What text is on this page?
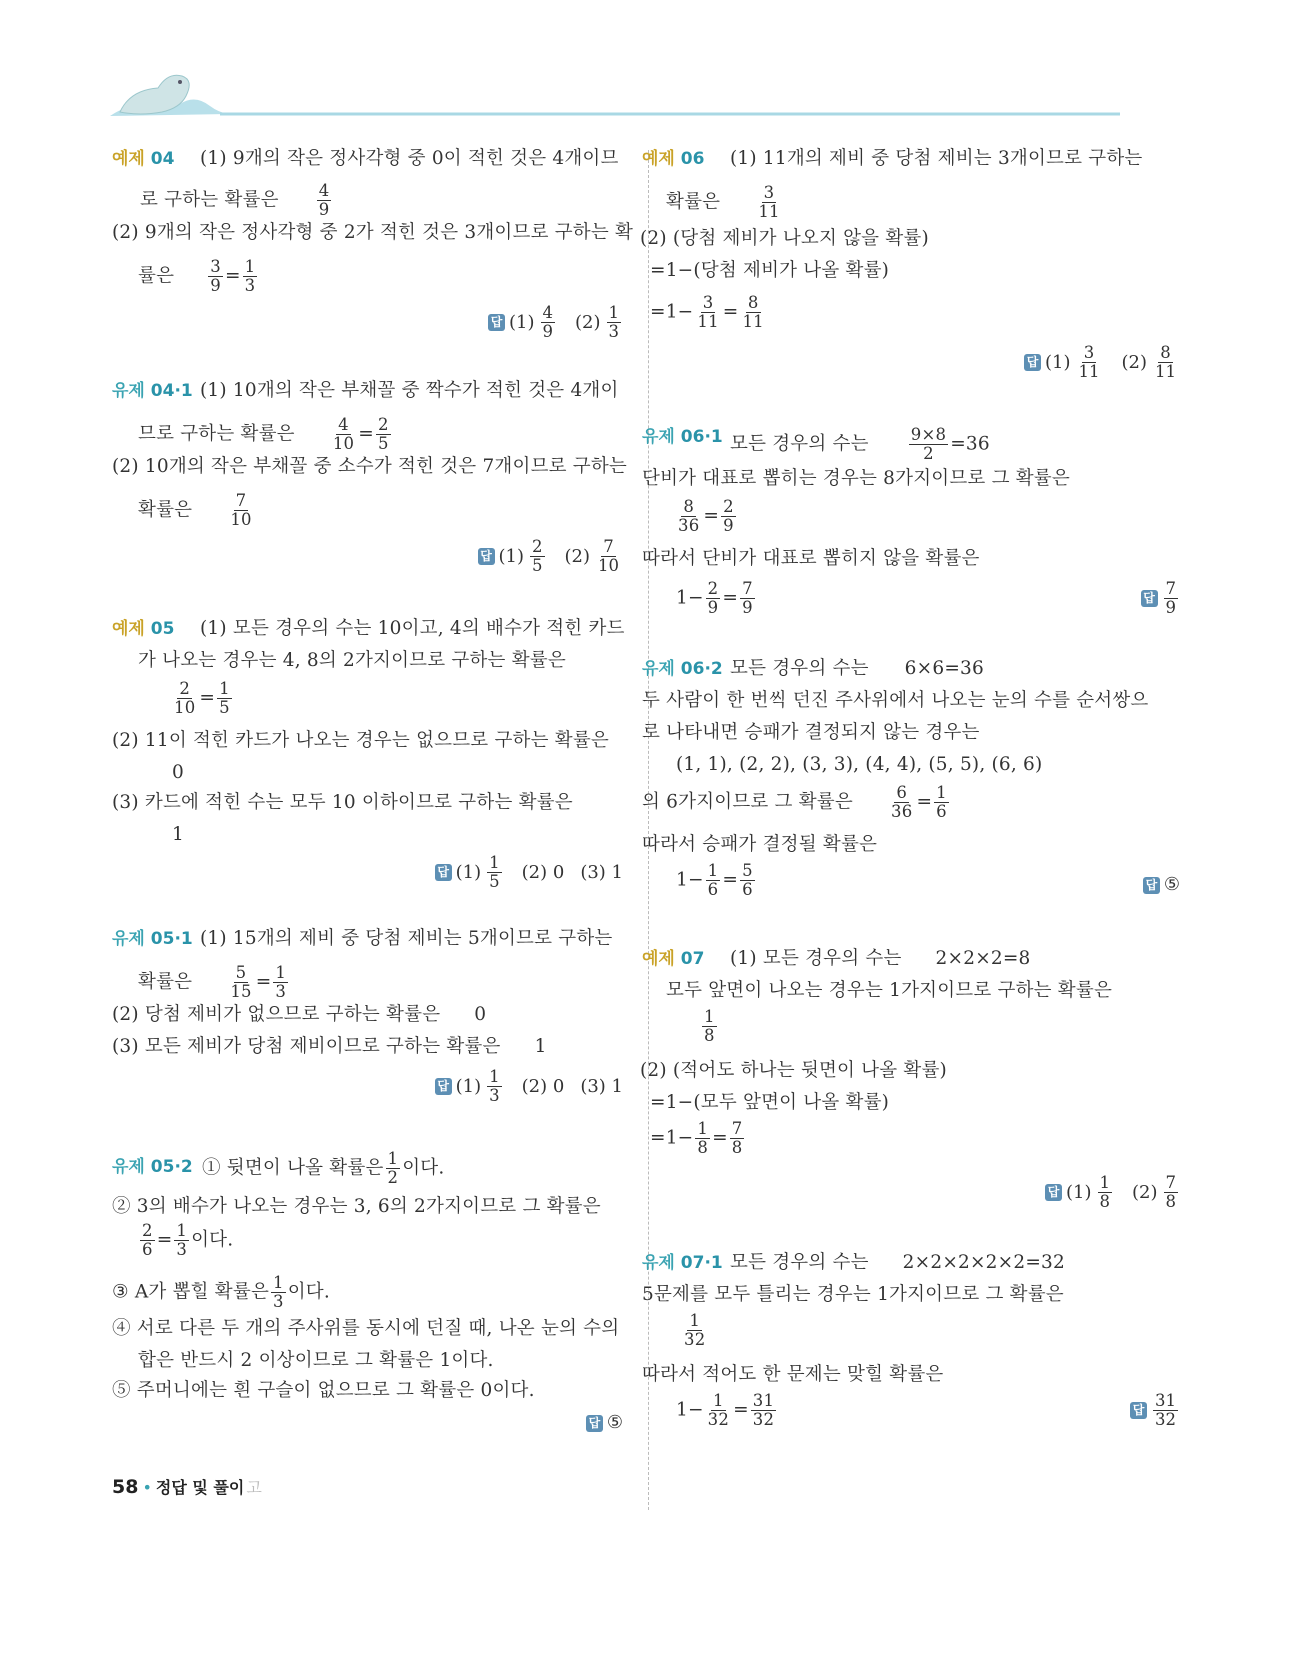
예제 04 (1) 9개의 작은 정사각형 중 0이 적힌 것은 4개이므
로 구하는 확률은 $\frac{4}{9}$
(2) 9개의 작은 정사각형 중 2가 적힌 것은 3개이므로 구하는 확
률은 $\frac{3}{9} = \frac{1}{3}$
답 $(1) \frac{4}{9} (2) \frac{1}{3}$
유제 04·1 (1) 10개의 작은 부채꼴 중 짝수가 적힌 것은 4개이
므로 구하는 확률은 $\frac{4}{10} = \frac{2}{5}$
(2) 10개의 작은 부채꼴 중 소수가 적힌 것은 7개이므로 구하는
확률은 $\frac{7}{10}$
답 $(1) \frac{2}{5} (2) \frac{7}{10}$
예제 05 (1) 모든 경우의 수는 10이고, 4의 배수가 적힌 카드
가 나오는 경우는 4, 8의 2가지이므로 구하는 확률은
$\frac{2}{10} = \frac{1}{5}$
(2) 11이 적힌 카드가 나오는 경우는 없으므로 구하는 확률은
0
(3) 카드에 적힌 수는 모두 10 이하이므로 구하는 확률은
1
답 $(1) \frac{1}{5} (2)$ 0 (3) 1
유제 05·1 (1) 15개의 제비 중 당첨 제비는 5개이므로 구하는
확률은 $\frac{5}{15} = \frac{1}{3}$
(2) 당첨 제비가 없으므로 구하는 확률은 0
(3) 모든 제비가 당첨 제비이므로 구하는 확률은 1
답 $(1) \frac{1}{3} (2)$ 0 (3) 1
유제 05·2 ① 뒷면이 나올 확률은 $\frac{1}{2}$ 이다.
② 3의 배수가 나오는 경우는 3, 6의 2가지이므로 그 확률은
$\frac{2}{6} = \frac{1}{3}$ 이다.
③ A가 뽑힐 확률은 $\frac{1}{3}$ 이다.
④ 서로 다른 두 개의 주사위를 동시에 던질 때, 나온 눈의 수의
합은 반드시 2 이상이므로 그 확률은 1이다.
⑤ 주머니에는 흰 구슬이 없으므로 그 확률은 0이다.
답 ⑤
예제 06 (1) 11개의 제비 중 당첨 제비는 3개이므로 구하는
확률은 $\frac{3}{11}$
(2) (당첨 제비가 나오지 않을 확률)
=1−(당첨 제비가 나올 확률)
$=1- \frac{3}{11} = \frac{8}{11}$
답 $(1) \frac{3}{11} (2) \frac{8}{11}$
유제 06·1 모든 경우의 수는 $\frac{9\times 8}{2} =36$
단비가 대표로 뽑히는 경우는 8가지이므로 그 확률은
$\frac{8}{36} = \frac{2}{9}$
따라서 단비가 대표로 뽑히지 않을 확률은
$1- \frac{2}{9} = \frac{7}{9}$	답 $\frac{7}{9}$
유제 06·2 모든 경우의 수는 6×6=36
두 사람이 한 번씩 던진 주사위에서 나오는 눈의 수를 순서쌍으
로 나타내면 승패가 결정되지 않는 경우는
(1, 1), (2, 2), (3, 3), (4, 4), (5, 5), (6, 6)
의 6가지이므로 그 확률은 $\frac{6}{36} = \frac{1}{6}$
따라서 승패가 결정될 확률은
$1- \frac{1}{6} = \frac{5}{6}$	답 ⑤
예제 07 (1) 모든 경우의 수는 2×2×2=8
모두 앞면이 나오는 경우는 1가지이므로 구하는 확률은
$\frac{1}{8}$
(2) (적어도 하나는 뒷면이 나올 확률)
=1−(모두 앞면이 나올 확률)
$=1- \frac{1}{8} = \frac{7}{8}$
답 $(1) \frac{1}{8} (2) \frac{7}{8}$
유제 07·1 모든 경우의 수는 2×2×2×2×2=32
5문제를 모두 틀리는 경우는 1가지이므로 그 확률은
$\frac{1}{32}$
따라서 적어도 한 문제는 맞힐 확률은
$1- \frac{1}{32} = \frac{31}{32}$	답 $\frac{31}{32}$
58 • 정답 및 풀이 고
